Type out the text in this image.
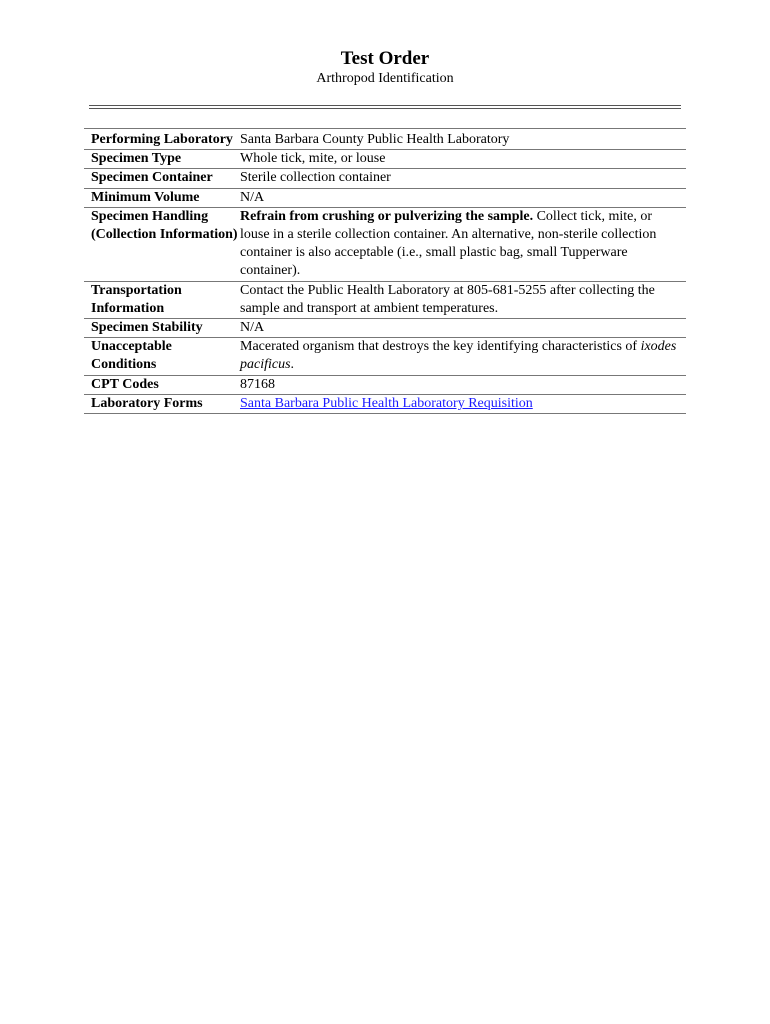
Test Order
Arthropod Identification
Performing Laboratory	Santa Barbara County Public Health Laboratory
Specimen Type	Whole tick, mite, or louse
Specimen Container	Sterile collection container
Minimum Volume	N/A
Specimen Handling (Collection Information)	Refrain from crushing or pulverizing the sample. Collect tick, mite, or louse in a sterile collection container. An alternative, non-sterile collection container is also acceptable (i.e., small plastic bag, small Tupperware container).
Transportation Information	Contact the Public Health Laboratory at 805-681-5255 after collecting the sample and transport at ambient temperatures.
Specimen Stability	N/A
Unacceptable Conditions	Macerated organism that destroys the key identifying characteristics of ixodes pacificus.
CPT Codes	87168
Laboratory Forms	Santa Barbara Public Health Laboratory Requisition
